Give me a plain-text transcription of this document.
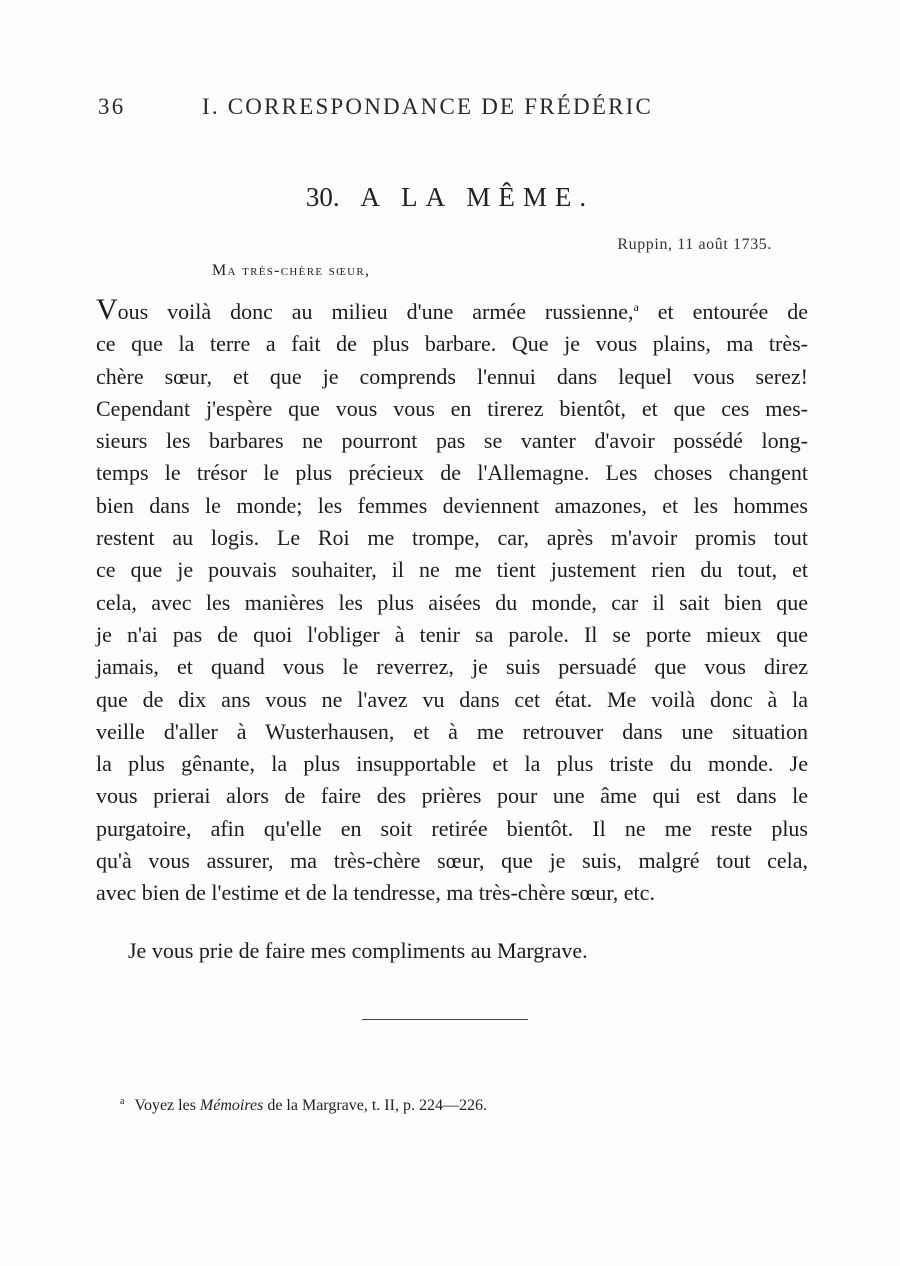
36	I. CORRESPONDANCE DE FRÉDÉRIC
30. A LA MÊME.
Ruppin, 11 août 1735.
Ma très-chère sœur,
Vous voilà donc au milieu d'une armée russienne,$^a$ et entourée de
ce que la terre a fait de plus barbare. Que je vous plains, ma très-
chère sœur, et que je comprends l'ennui dans lequel vous serez!
Cependant j'espère que vous vous en tirerez bientôt, et que ces mes-
sieurs les barbares ne pourront pas se vanter d'avoir possédé long-
temps le trésor le plus précieux de l'Allemagne. Les choses changent
bien dans le monde; les femmes deviennent amazones, et les hommes
restent au logis. Le Roi me trompe, car, après m'avoir promis tout
ce que je pouvais souhaiter, il ne me tient justement rien du tout, et
cela, avec les manières les plus aisées du monde, car il sait bien que
je n'ai pas de quoi l'obliger à tenir sa parole. Il se porte mieux que
jamais, et quand vous le reverrez, je suis persuadé que vous direz
que de dix ans vous ne l'avez vu dans cet état. Me voilà donc à la
veille d'aller à Wusterhausen, et à me retrouver dans une situation
la plus gênante, la plus insupportable et la plus triste du monde. Je
vous prierai alors de faire des prières pour une âme qui est dans le
purgatoire, afin qu'elle en soit retirée bientôt. Il ne me reste plus
qu'à vous assurer, ma très-chère sœur, que je suis, malgré tout cela,
avec bien de l'estime et de la tendresse, ma très-chère sœur, etc.
Je vous prie de faire mes compliments au Margrave.
$^a$ Voyez les Mémoires de la Margrave, t. II, p. 224—226.
